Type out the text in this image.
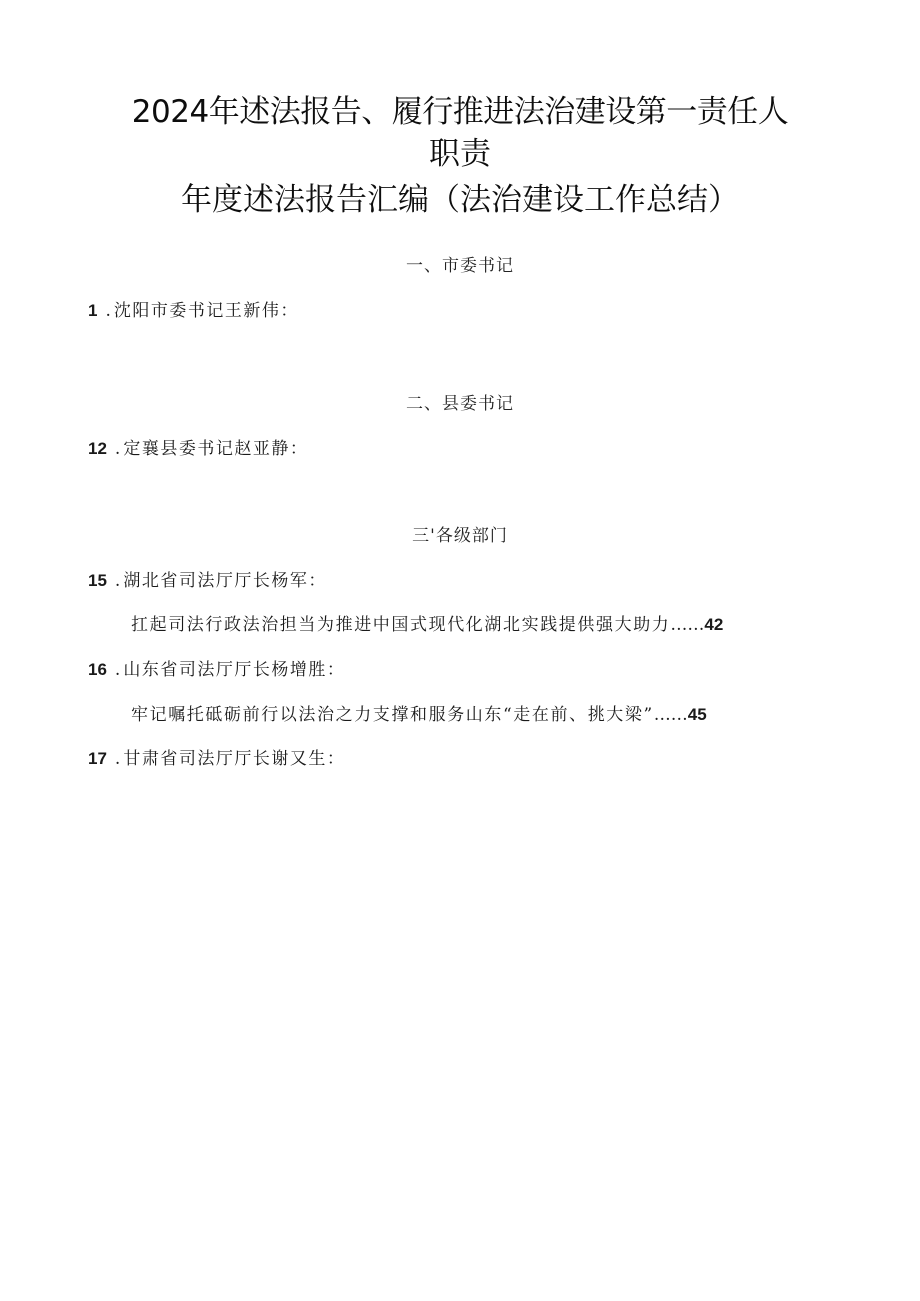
2024年述法报告、履行推进法治建设第一责任人
职责
年度述法报告汇编（法治建设工作总结）
一、市委书记
1 . 沈阳市委书记王新伟：
二、县委书记
12 . 定襄县委书记赵亚静：
三'各级部门
15 . 湖北省司法厅厅长杨军：
扛起司法行政法治担当为推进中国式现代化湖北实践提供强大助力……42
16 . 山东省司法厅厅长杨增胜：
牢记嘱托砥砺前行以法治之力支撑和服务山东“走在前、挑大梁”……45
17 . 甘肃省司法厅厅长谢又生：
